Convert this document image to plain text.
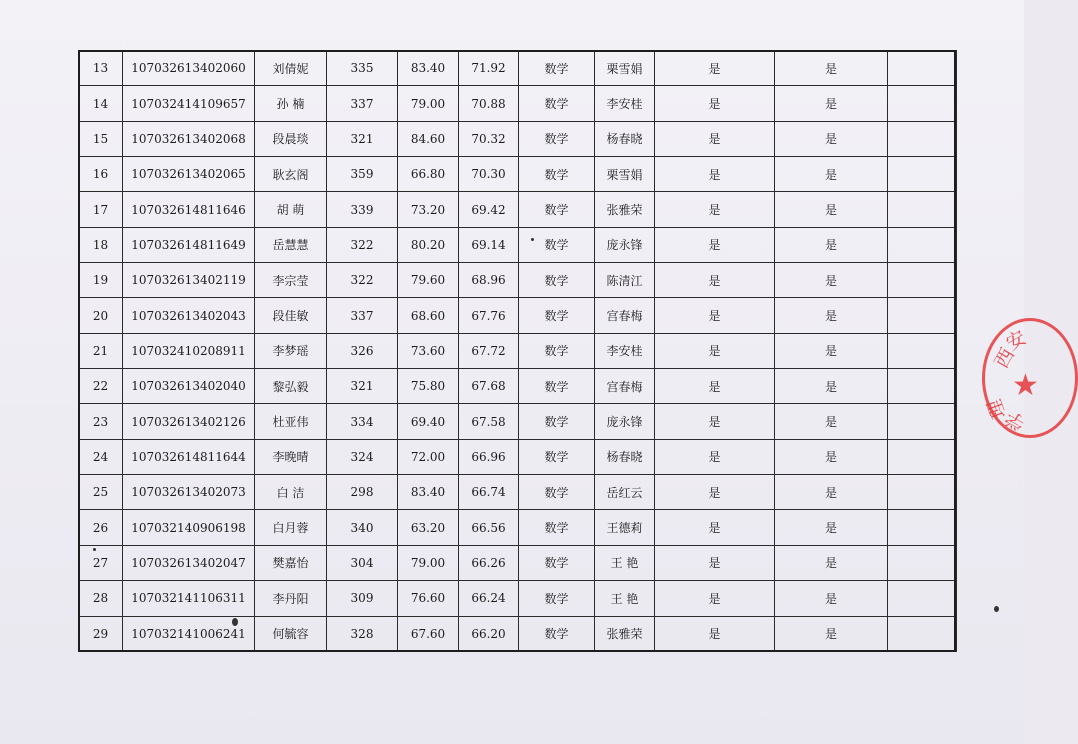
13	107032613402060	刘倩妮	335	83.40	71.92	数学	栗雪娟	是	是	
14	107032414109657	孙 楠	337	79.00	70.88	数学	李安桂	是	是	
15	107032613402068	段晨琰	321	84.60	70.32	数学	杨春晓	是	是	
16	107032613402065	耿玄阁	359	66.80	70.30	数学	栗雪娟	是	是	
17	107032614811646	胡 萌	339	73.20	69.42	数学	张雅荣	是	是	
18	107032614811649	岳慧慧	322	80.20	69.14	数学	庞永锋	是	是	
19	107032613402119	李宗莹	322	79.60	68.96	数学	陈清江	是	是	
20	107032613402043	段佳敏	337	68.60	67.76	数学	宫春梅	是	是	
21	107032410208911	李梦瑶	326	73.60	67.72	数学	李安桂	是	是	
22	107032613402040	黎弘毅	321	75.80	67.68	数学	宫春梅	是	是	
23	107032613402126	杜亚伟	334	69.40	67.58	数学	庞永锋	是	是	
24	107032614811644	李晚晴	324	72.00	66.96	数学	杨春晓	是	是	
25	107032613402073	白 洁	298	83.40	66.74	数学	岳红云	是	是	
26	107032140906198	白月蓉	340	63.20	66.56	数学	王德莉	是	是	
27	107032613402047	樊嘉怡	304	79.00	66.26	数学	王 艳	是	是	
28	107032141106311	李丹阳	309	76.60	66.24	数学	王 艳	是	是	
29	107032141006241	何毓容	328	67.60	66.20	数学	张雅荣	是	是	
西
安
理
学
★
